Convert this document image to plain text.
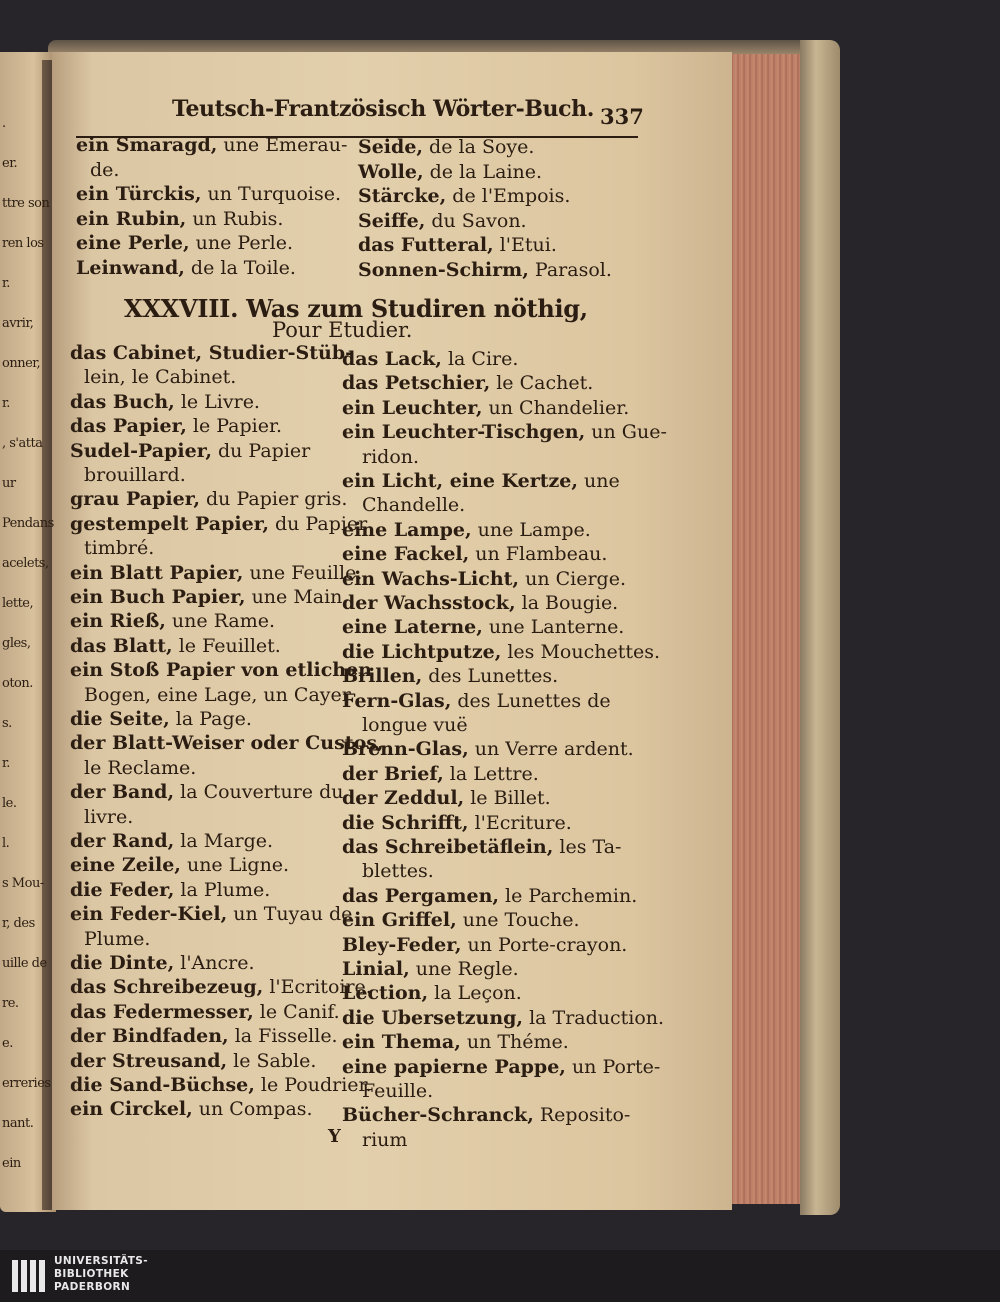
.
er.
ttre son
ren los
r.
avrir,
onner,
r.
, s'atta
ur
Pendans
acelets,
lette,
gles,
oton.
s.
r.
le.
l.
s Mou-
r, des
uille de
re.
e.
erreries
nant.
ein
Teutsch-Frantzösisch Wörter-Buch. 337
ein Smaragd, une Emerau-
de.
ein Türckis, un Turquoise.
ein Rubin, un Rubis.
eine Perle, une Perle.
Leinwand, de la Toile.
Seide, de la Soye.
Wolle, de la Laine.
Stärcke, de l'Empois.
Seiffe, du Savon.
das Futteral, l'Etui.
Sonnen-Schirm, Parasol.
XXXVIII. Was zum Studiren nöthig,
Pour Etudier.
das Cabinet, Studier-Stüb-
lein, le Cabinet.
das Buch, le Livre.
das Papier, le Papier.
Sudel-Papier, du Papier
brouillard.
grau Papier, du Papier gris.
gestempelt Papier, du Papier
timbré.
ein Blatt Papier, une Feuille.
ein Buch Papier, une Main.
ein Rieß, une Rame.
das Blatt, le Feuillet.
ein Stoß Papier von etlichen
Bogen, eine Lage, un Cayer.
die Seite, la Page.
der Blatt-Weiser oder Custos,
le Reclame.
der Band, la Couverture du
livre.
der Rand, la Marge.
eine Zeile, une Ligne.
die Feder, la Plume.
ein Feder-Kiel, un Tuyau de
Plume.
die Dinte, l'Ancre.
das Schreibezeug, l'Ecritoire.
das Federmesser, le Canif.
der Bindfaden, la Fisselle.
der Streusand, le Sable.
die Sand-Büchse, le Poudrier.
ein Circkel, un Compas.
das Lack, la Cire.
das Petschier, le Cachet.
ein Leuchter, un Chandelier.
ein Leuchter-Tischgen, un Gue-
ridon.
ein Licht, eine Kertze, une
Chandelle.
eine Lampe, une Lampe.
eine Fackel, un Flambeau.
ein Wachs-Licht, un Cierge.
der Wachsstock, la Bougie.
eine Laterne, une Lanterne.
die Lichtputze, les Mouchettes.
Brillen, des Lunettes.
Fern-Glas, des Lunettes de
longue vuë
Brenn-Glas, un Verre ardent.
der Brief, la Lettre.
der Zeddul, le Billet.
die Schrifft, l'Ecriture.
das Schreibetäflein, les Ta-
blettes.
das Pergamen, le Parchemin.
ein Griffel, une Touche.
Bley-Feder, un Porte-crayon.
Linial, une Regle.
Lection, la Leçon.
die Ubersetzung, la Traduction.
ein Thema, un Théme.
eine papierne Pappe, un Porte-
Feuille.
Bücher-Schranck, Reposito-
rium
Y
UNIVERSITÄTS-
BIBLIOTHEK
PADERBORN
